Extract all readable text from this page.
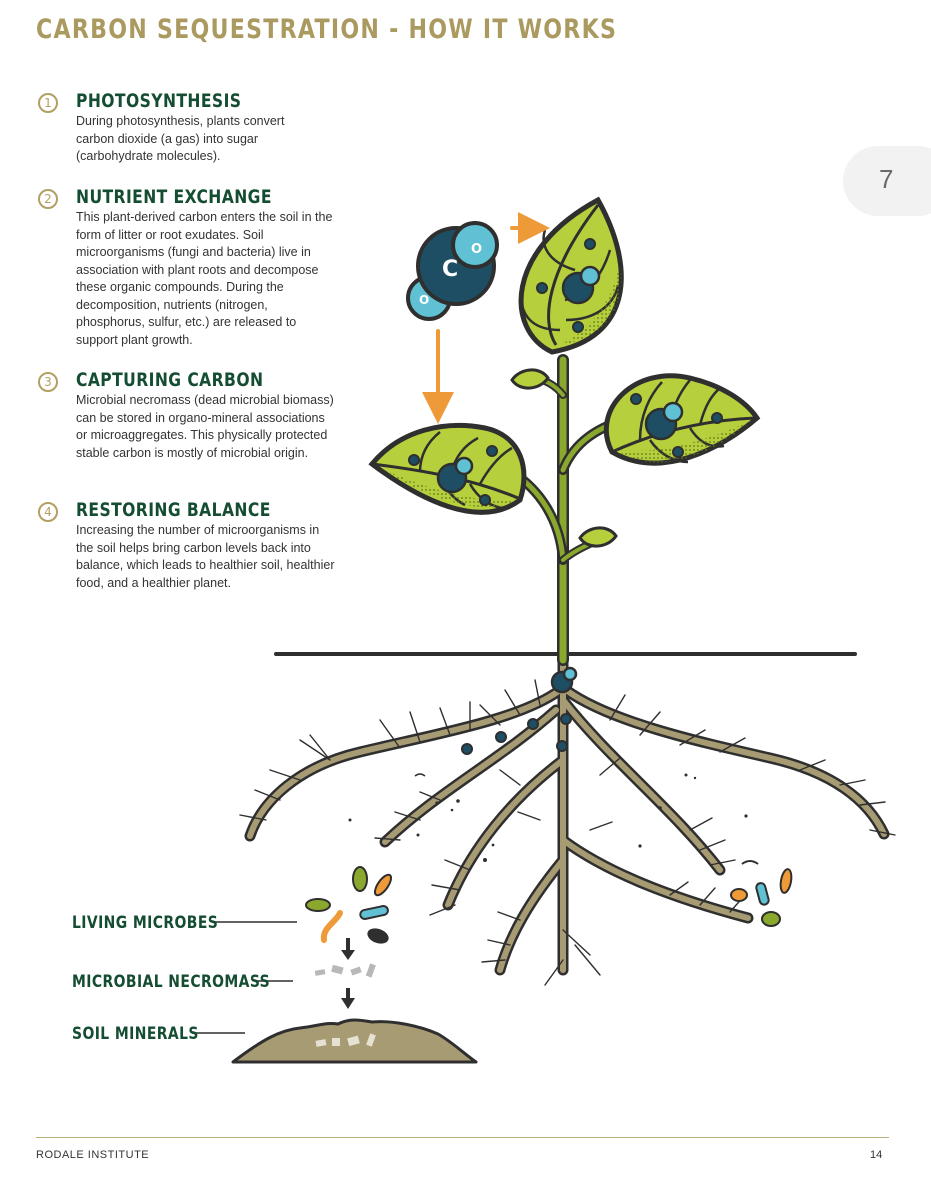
CARBON SEQUESTRATION - HOW IT WORKS
7
1	PHOTOSYNTHESIS

During photosynthesis, plants convert carbon dioxide (a gas) into sugar (carbohydrate molecules).

2	NUTRIENT EXCHANGE

This plant-derived carbon enters the soil in the form of litter or root exudates. Soil microorganisms (fungi and bacteria) live in association with plant roots and decompose these organic compounds. During the decomposition, nutrients (nitrogen, phosphorus, sulfur, etc.) are released to support plant growth.

3	CAPTURING CARBON

Microbial necromass (dead microbial biomass) can be stored in organo-mineral associations or microaggregates. This physically protected stable carbon is mostly of microbial origin.

4	RESTORING BALANCE

Increasing the number of microorganisms in the soil helps bring carbon levels back into balance, which leads to healthier soil, healthier food, and a healthier planet.

C
O
O
LIVING MICROBES
MICROBIAL NECROMASS
SOIL MINERALS
RODALE INSTITUTE	14
